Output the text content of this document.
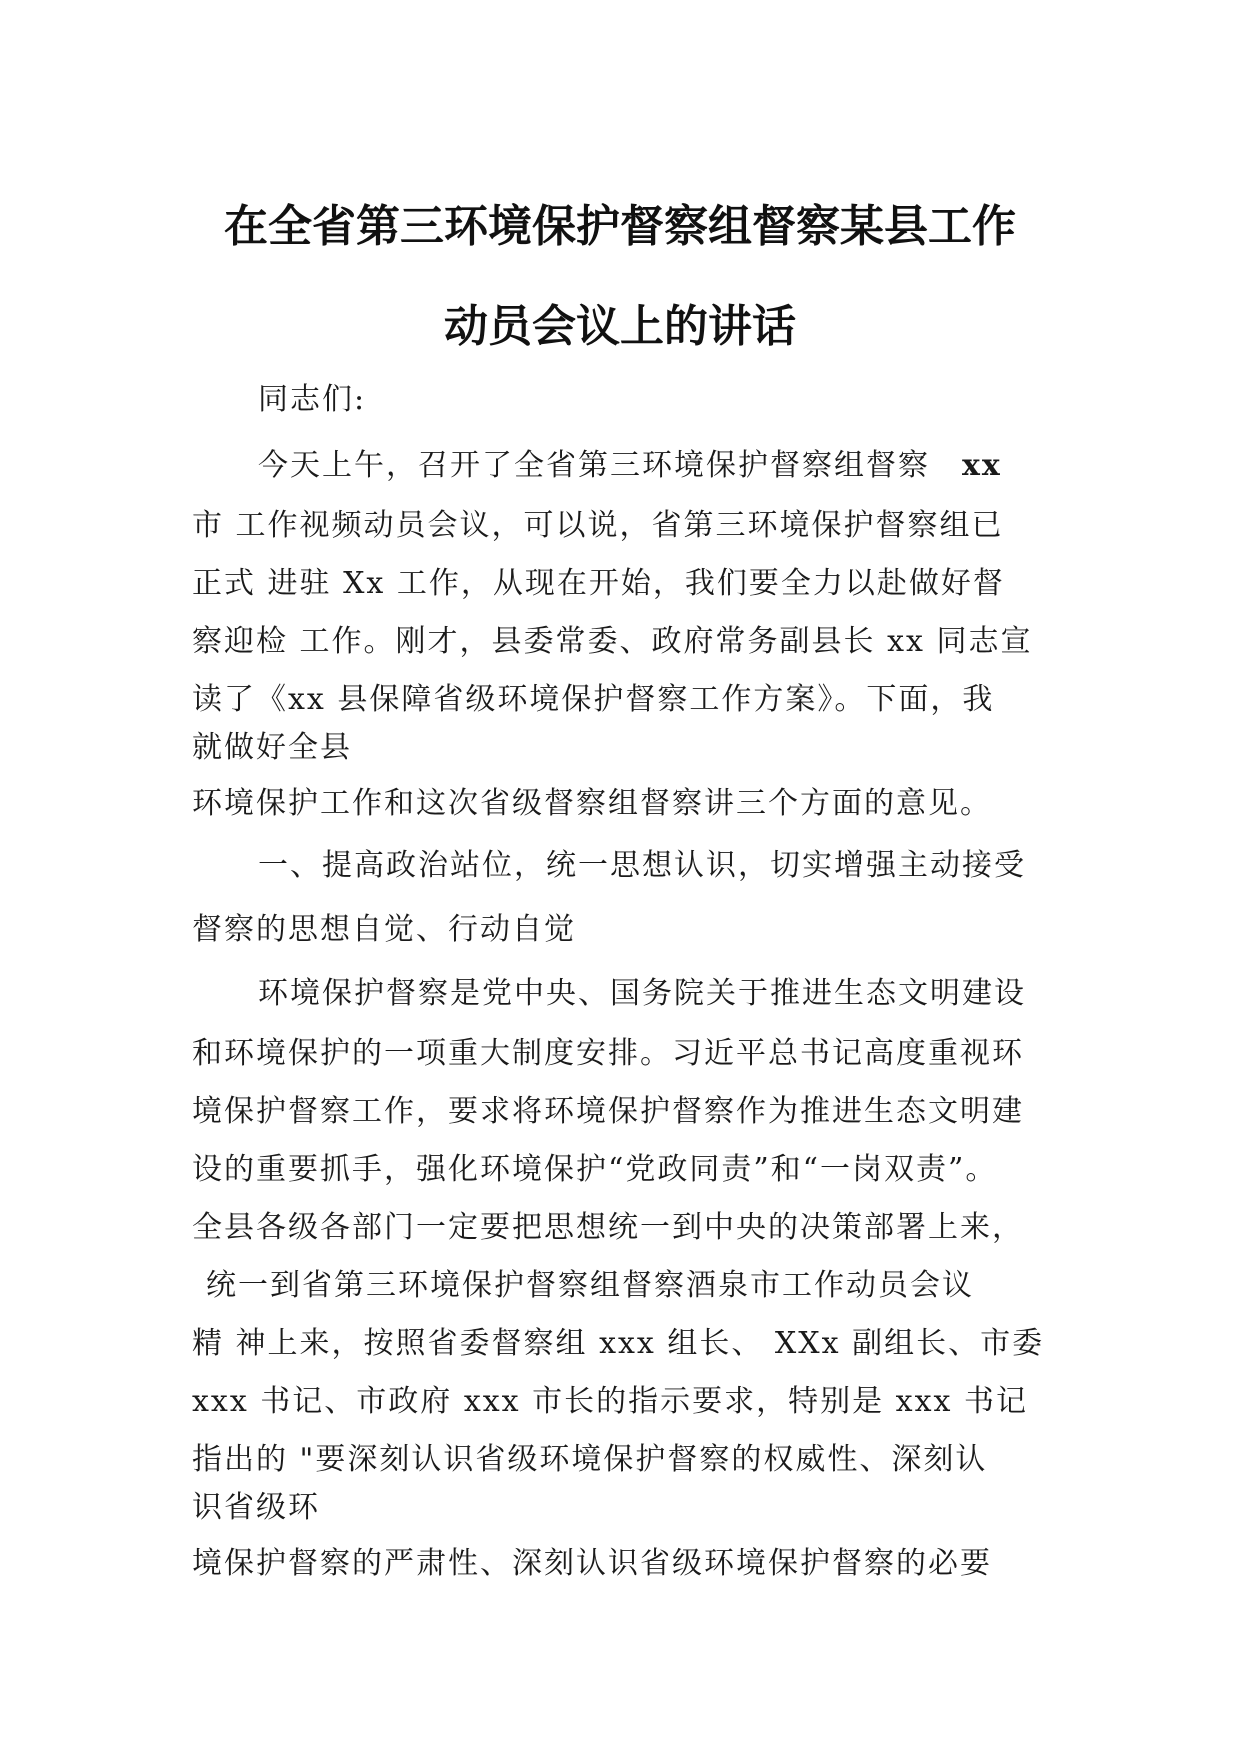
在全省第三环境保护督察组督察某县工作
动员会议上的讲话
同志们:
今天上午，召开了全省第三环境保护督察组督察 xx
市 工作视频动员会议，可以说，省第三环境保护督察组已
正式 进驻 Xx 工作，从现在开始，我们要全力以赴做好督
察迎检 工作。刚才，县委常委、政府常务副县长 xx 同志宣
读了《xx 县保障省级环境保护督察工作方案》。下面，我
就做好全县
环境保护工作和这次省级督察组督察讲三个方面的意见。
一、提高政治站位，统一思想认识，切实增强主动接受
督察的思想自觉、行动自觉
环境保护督察是党中央、国务院关于推进生态文明建设
和环境保护的一项重大制度安排。习近平总书记高度重视环
境保护督察工作，要求将环境保护督察作为推进生态文明建
设的重要抓手，强化环境保护“党政同责”和“一岗双责”。
全县各级各部门一定要把思想统一到中央的决策部署上来，
统一到省第三环境保护督察组督察酒泉市工作动员会议
精 神上来，按照省委督察组 xxx 组长、 XXx 副组长、市委
xxx 书记、市政府 xxx 市长的指示要求，特别是 xxx 书记
指出的 "要深刻认识省级环境保护督察的权威性、深刻认
识省级环
境保护督察的严肃性、深刻认识省级环境保护督察的必要
